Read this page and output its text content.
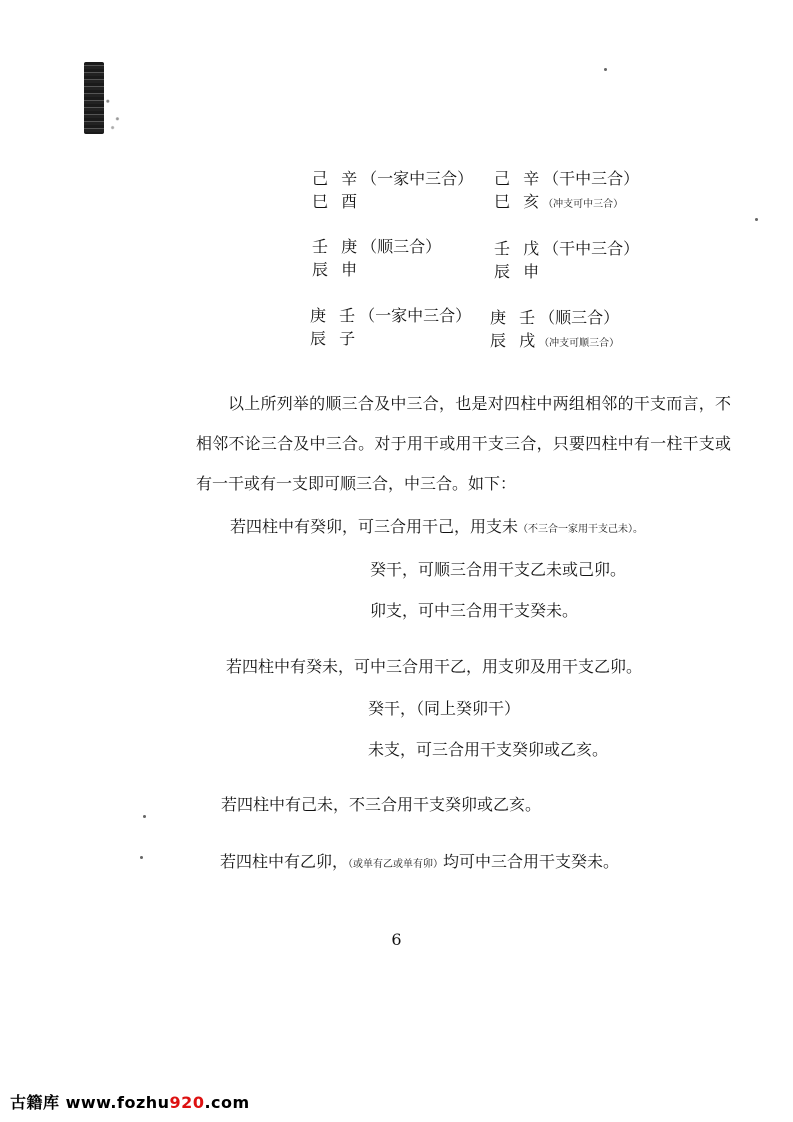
己 辛（一家中三合）
巳 酉
己 辛（干中三合）
巳 亥（冲支可中三合）
壬 庚（顺三合）
辰 申
壬 戊（干中三合）
辰 申
庚 壬（一家中三合）
辰 子
庚 壬（顺三合）
辰 戌（冲支可顺三合）
以上所列举的顺三合及中三合，也是对四柱中两组相邻的干支而言，不相邻不论三合及中三合。对于用干或用干支三合，只要四柱中有一柱干支或有一干或有一支即可顺三合，中三合。如下：
若四柱中有癸卯，可三合用干己，用支未（不三合一家用干支己未）。
癸干，可顺三合用干支乙未或己卯。
卯支，可中三合用干支癸未。
若四柱中有癸未，可中三合用干乙，用支卯及用干支乙卯。
癸干，（同上癸卯干）
未支，可三合用干支癸卯或乙亥。
若四柱中有己未，不三合用干支癸卯或乙亥。
若四柱中有乙卯，（或单有乙或单有卯）均可中三合用干支癸未。
6
古籍库 www.fozhu920.com
